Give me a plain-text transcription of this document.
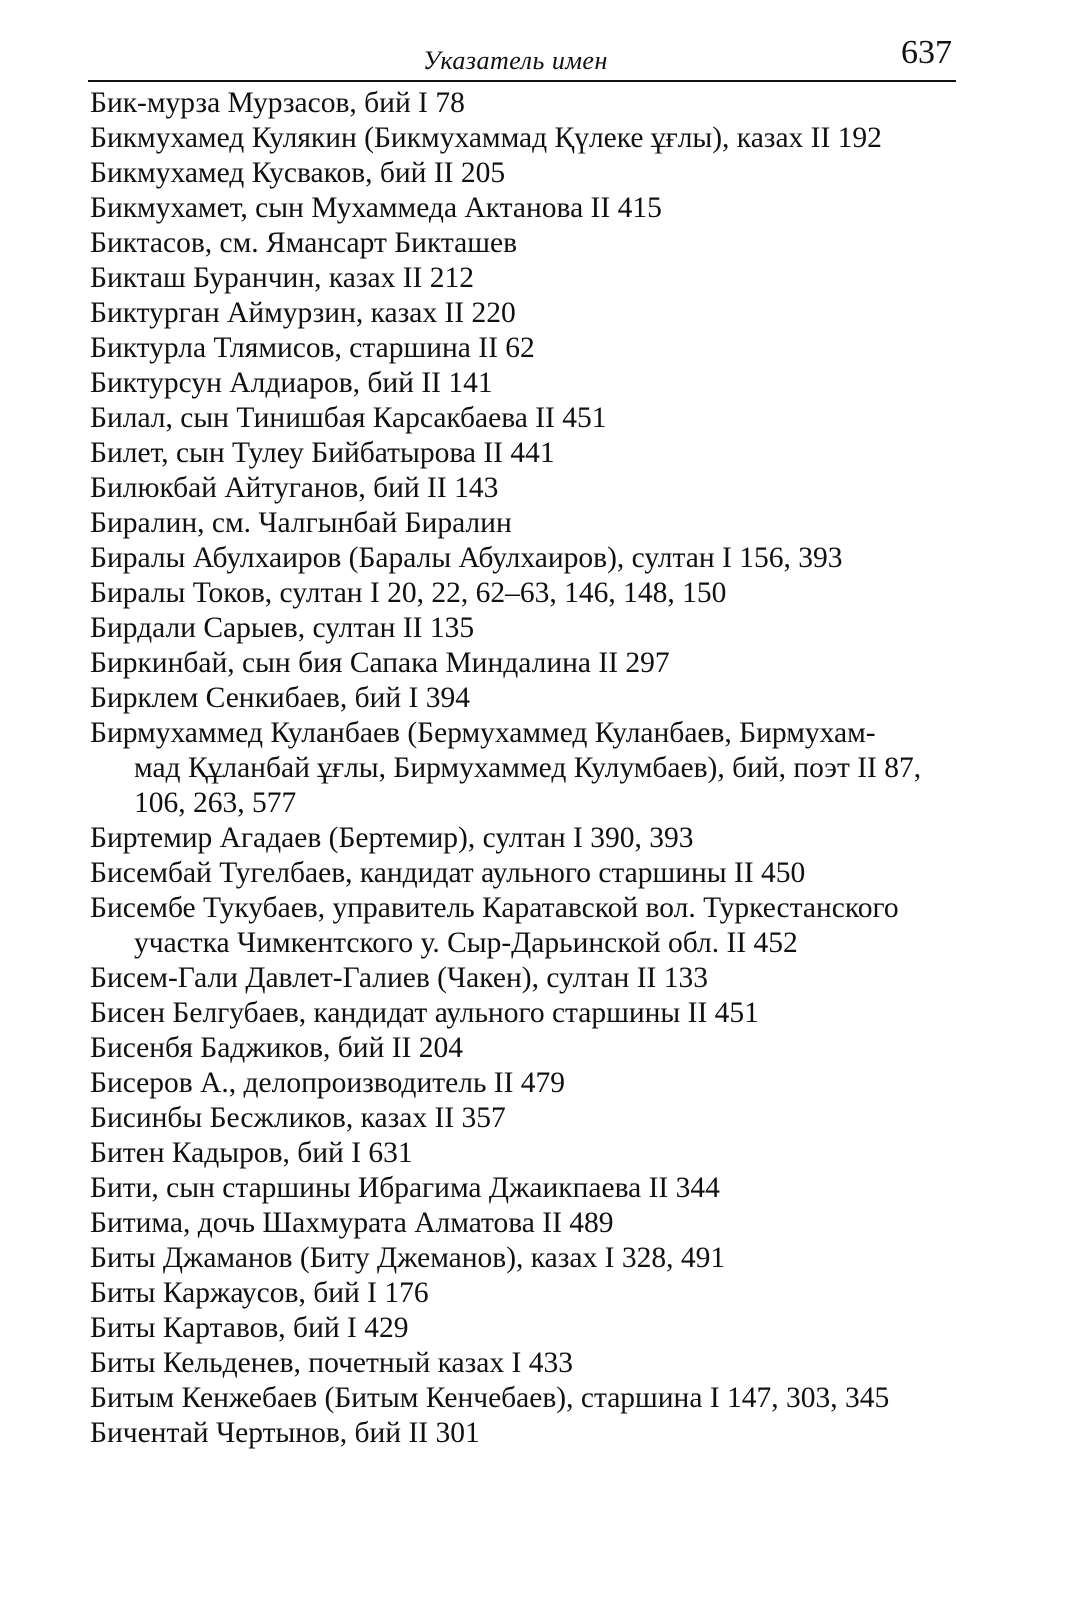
Указатель имен	637
Бик-мурза Мурзасов, бий I 78
Бикмухамед Кулякин (Бикмухаммад Қүлеке ұғлы), казах II 192
Бикмухамед Кусваков, бий II 205
Бикмухамет, сын Мухаммеда Актанова II 415
Биктасов, см. Ямансарт Бикташев
Бикташ Буранчин, казах II 212
Биктурган Аймурзин, казах II 220
Биктурла Тлямисов, старшина II 62
Биктурсун Алдиаров, бий II 141
Билал, сын Тинишбая Карсакбаева II 451
Билет, сын Тулеу Бийбатырова II 441
Билюкбай Айтуганов, бий II 143
Биралин, см. Чалгынбай Биралин
Биралы Абулхаиров (Баралы Абулхаиров), султан I 156, 393
Биралы Токов, султан I 20, 22, 62–63, 146, 148, 150
Бирдали Сарыев, султан II 135
Биркинбай, сын бия Сапака Миндалина II 297
Бирклем Сенкибаев, бий I 394
Бирмухаммед Куланбаев (Бермухаммед Куланбаев, Бирмухам-
мад Құланбай ұғлы, Бирмухаммед Кулумбаев), бий, поэт II 87,
106, 263, 577
Биртемир Агадаев (Бертемир), султан I 390, 393
Бисембай Тугелбаев, кандидат аульного старшины II 450
Бисембе Тукубаев, управитель Каратавской вол. Туркестанского
участка Чимкентского у. Сыр-Дарьинской обл. II 452
Бисем-Гали Давлет-Галиев (Чакен), султан II 133
Бисен Белгубаев, кандидат аульного старшины II 451
Бисенбя Баджиков, бий II 204
Бисеров А., делопроизводитель II 479
Бисинбы Бесжликов, казах II 357
Битен Кадыров, бий I 631
Бити, сын старшины Ибрагима Джаикпаева II 344
Битима, дочь Шахмурата Алматова II 489
Биты Джаманов (Биту Джеманов), казах I 328, 491
Биты Каржаусов, бий I 176
Биты Картавов, бий I 429
Биты Кельденев, почетный казах I 433
Битым Кенжебаев (Битым Кенчебаев), старшина I 147, 303, 345
Бичентай Чертынов, бий II 301
